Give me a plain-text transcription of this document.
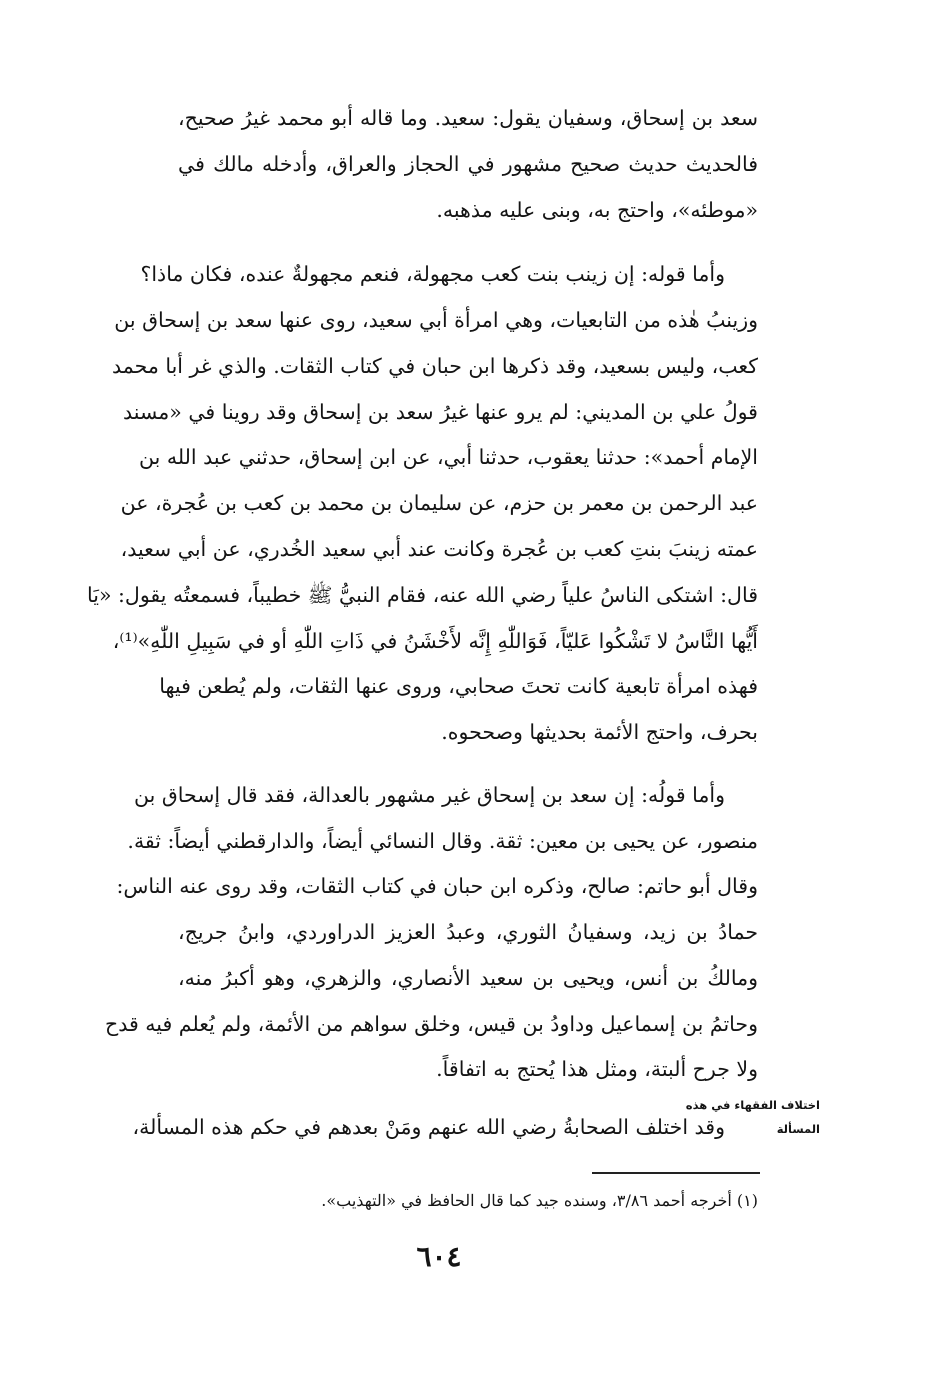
سعد بن إسحاق، وسفيان يقول: سعيد. وما قاله أبو محمد غيرُ صحيح،
فالحديث حديث صحيح مشهور في الحجاز والعراق، وأدخله مالك في
«موطئه»، واحتج به، وبنى عليه مذهبه.
وأما قوله: إن زينب بنت كعب مجهولة، فنعم مجهولةٌ عنده، فكان ماذا؟
وزينبُ هٰذه من التابعيات، وهي امرأة أبي سعيد، روى عنها سعد بن إسحاق بن
كعب، وليس بسعيد، وقد ذكرها ابن حبان في كتاب الثقات. والذي غر أبا محمد
قولُ علي بن المديني: لم يرو عنها غيرُ سعد بن إسحاق وقد روينا في «مسند
الإمام أحمد»: حدثنا يعقوب، حدثنا أبي، عن ابن إسحاق، حدثني عبد الله بن
عبد الرحمن بن معمر بن حزم، عن سليمان بن محمد بن كعب بن عُجرة، عن
عمته زينبَ بنتِ كعب بن عُجرة وكانت عند أبي سعيد الخُدري، عن أبي سعيد،
قال: اشتكى الناسُ علياً رضي الله عنه، فقام النبيُّ ﷺ خطيباً، فسمعتُه يقول: «يَا
أَيُّها النَّاسُ لا تَشْكُوا عَليّاً، فَوَاللّٰهِ إِنَّه لأَخْشَنُ في ذَاتِ اللّٰهِ أو في سَبِيلِ اللّٰهِ»⁽¹⁾،
فهذه امرأة تابعية كانت تحتَ صحابي، وروى عنها الثقات، ولم يُطعن فيها
بحرف، واحتج الأئمة بحديثها وصححوه.
وأما قولُه: إن سعد بن إسحاق غير مشهور بالعدالة، فقد قال إسحاق بن
منصور، عن يحيى بن معين: ثقة. وقال النسائي أيضاً، والدارقطني أيضاً: ثقة.
وقال أبو حاتم: صالح، وذكره ابن حبان في كتاب الثقات، وقد روى عنه الناس:
حمادُ بن زيد، وسفيانُ الثوري، وعبدُ العزيز الدراوردي، وابنُ جريج،
ومالكُ بن أنس، ويحيى بن سعيد الأنصاري، والزهري، وهو أكبرُ منه،
وحاتمُ بن إسماعيل وداودُ بن قيس، وخلق سواهم من الأئمة، ولم يُعلم فيه قدح
ولا جرح ألبتة، ومثل هذا يُحتج به اتفاقاً.
وقد اختلف الصحابةُ رضي الله عنهم ومَنْ بعدهم في حكم هذه المسألة،
اختلاف الفقهاء في هذه
المسألة
(١) أخرجه أحمد ٣/٨٦، وسنده جيد كما قال الحافظ في «التهذيب».
٦٠٤
